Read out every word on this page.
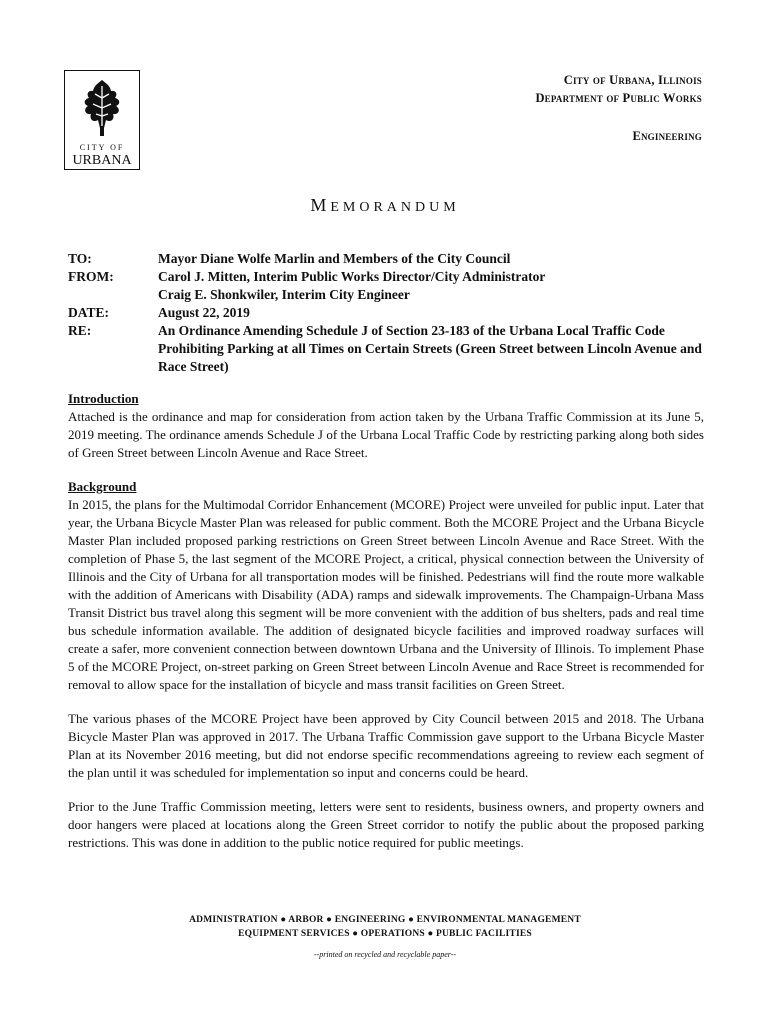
CITY OF
URBANA
City of Urbana, Illinois
Department of Public Works
Engineering
MEMORANDUM
TO:	Mayor Diane Wolfe Marlin and Members of the City Council
FROM:	Carol J. Mitten, Interim Public Works Director/City Administrator
Craig E. Shonkwiler, Interim City Engineer
DATE:	August 22, 2019
RE:	An Ordinance Amending Schedule J of Section 23-183 of the Urbana Local Traffic Code Prohibiting Parking at all Times on Certain Streets (Green Street between Lincoln Avenue and Race Street)
Introduction

Attached is the ordinance and map for consideration from action taken by the Urbana Traffic Commission at its June 5, 2019 meeting. The ordinance amends Schedule J of the Urbana Local Traffic Code by restricting parking along both sides of Green Street between Lincoln Avenue and Race Street.

Background

In 2015, the plans for the Multimodal Corridor Enhancement (MCORE) Project were unveiled for public input. Later that year, the Urbana Bicycle Master Plan was released for public comment. Both the MCORE Project and the Urbana Bicycle Master Plan included proposed parking restrictions on Green Street between Lincoln Avenue and Race Street. With the completion of Phase 5, the last segment of the MCORE Project, a critical, physical connection between the University of Illinois and the City of Urbana for all transportation modes will be finished. Pedestrians will find the route more walkable with the addition of Americans with Disability (ADA) ramps and sidewalk improvements. The Champaign-Urbana Mass Transit District bus travel along this segment will be more convenient with the addition of bus shelters, pads and real time bus schedule information available. The addition of designated bicycle facilities and improved roadway surfaces will create a safer, more convenient connection between downtown Urbana and the University of Illinois. To implement Phase 5 of the MCORE Project, on-street parking on Green Street between Lincoln Avenue and Race Street is recommended for removal to allow space for the installation of bicycle and mass transit facilities on Green Street.

The various phases of the MCORE Project have been approved by City Council between 2015 and 2018. The Urbana Bicycle Master Plan was approved in 2017. The Urbana Traffic Commission gave support to the Urbana Bicycle Master Plan at its November 2016 meeting, but did not endorse specific recommendations agreeing to review each segment of the plan until it was scheduled for implementation so input and concerns could be heard.

Prior to the June Traffic Commission meeting, letters were sent to residents, business owners, and property owners and door hangers were placed at locations along the Green Street corridor to notify the public about the proposed parking restrictions. This was done in addition to the public notice required for public meetings.

ADMINISTRATION ● ARBOR ● ENGINEERING ● ENVIRONMENTAL MANAGEMENT
EQUIPMENT SERVICES ● OPERATIONS ● PUBLIC FACILITIES
--printed on recycled and recyclable paper--
